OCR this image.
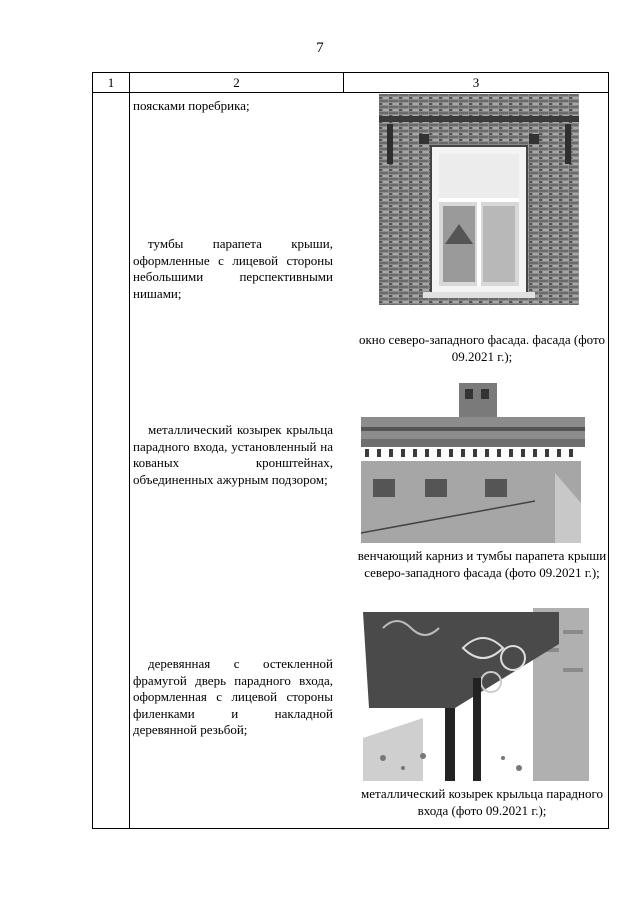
7
1	2	3

поясками поребрика;

тумбы парапета крыши, оформленные с лицевой стороны небольшими перспективными нишами;

металлический козырек крыльца парадного входа, установленный на кованых кронштейнах, объединенных ажурным подзором;

деревянная с остекленной фрамугой дверь парадного входа, оформленная с лицевой стороны филенками и накладной деревянной резьбой;

окно северо-западного фасада. фасада (фото 09.2021 г.);
венчающий карниз и тумбы парапета крыши северо-западного фасада (фото 09.2021 г.);
металлический козырек крыльца парадного входа (фото 09.2021 г.);
